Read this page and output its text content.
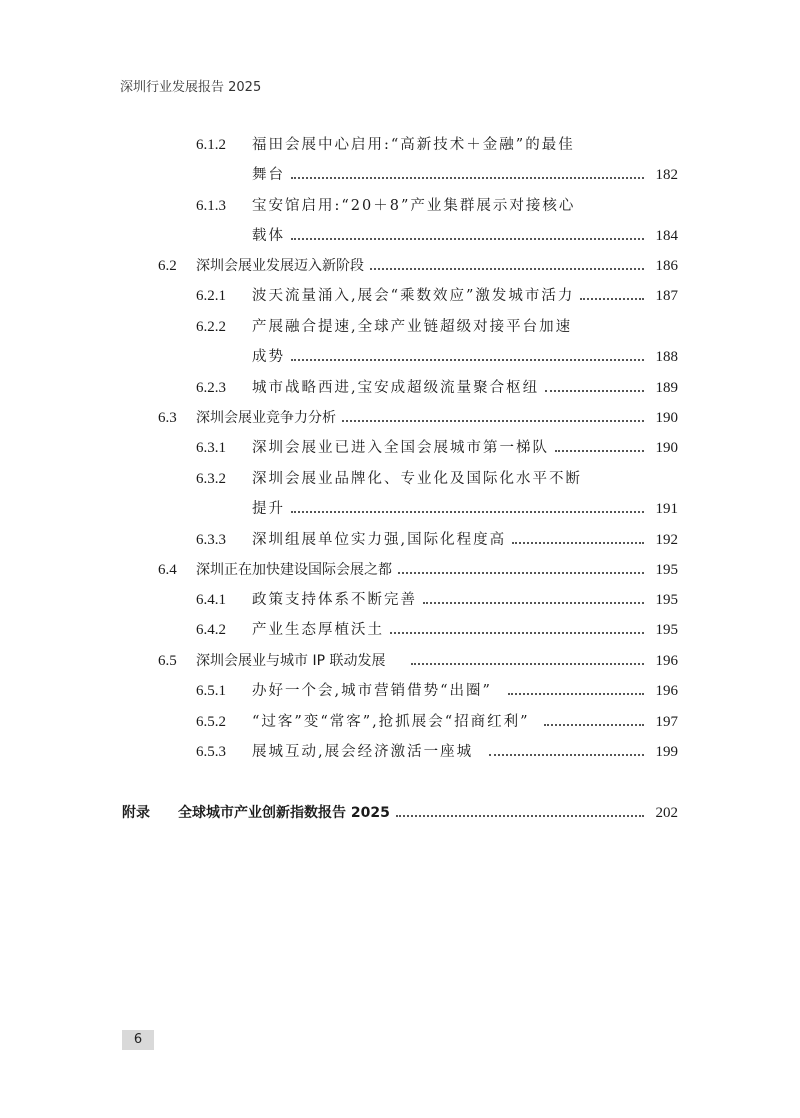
深圳行业发展报告 2025
6.1.2	福田会展中心启用:“高新技术＋金融”的最佳
舞台	182
6.1.3	宝安馆启用:“20＋8”产业集群展示对接核心
载体	184
6.2	深圳会展业发展迈入新阶段	186
6.2.1	波天流量涌入,展会“乘数效应”激发城市活力	187
6.2.2	产展融合提速,全球产业链超级对接平台加速
成势	188
6.2.3	城市战略西进,宝安成超级流量聚合枢纽	189
6.3	深圳会展业竞争力分析	190
6.3.1	深圳会展业已进入全国会展城市第一梯队	190
6.3.2	深圳会展业品牌化、专业化及国际化水平不断
提升	191
6.3.3	深圳组展单位实力强,国际化程度高	192
6.4	深圳正在加快建设国际会展之都	195
6.4.1	政策支持体系不断完善	195
6.4.2	产业生态厚植沃土	195
6.5	深圳会展业与城市 IP 联动发展	196
6.5.1	办好一个会,城市营销借势“出圈”	196
6.5.2	“过客”变“常客”,抢抓展会“招商红利”	197
6.5.3	展城互动,展会经济激活一座城	199
附录	全球城市产业创新指数报告 2025	202
6
